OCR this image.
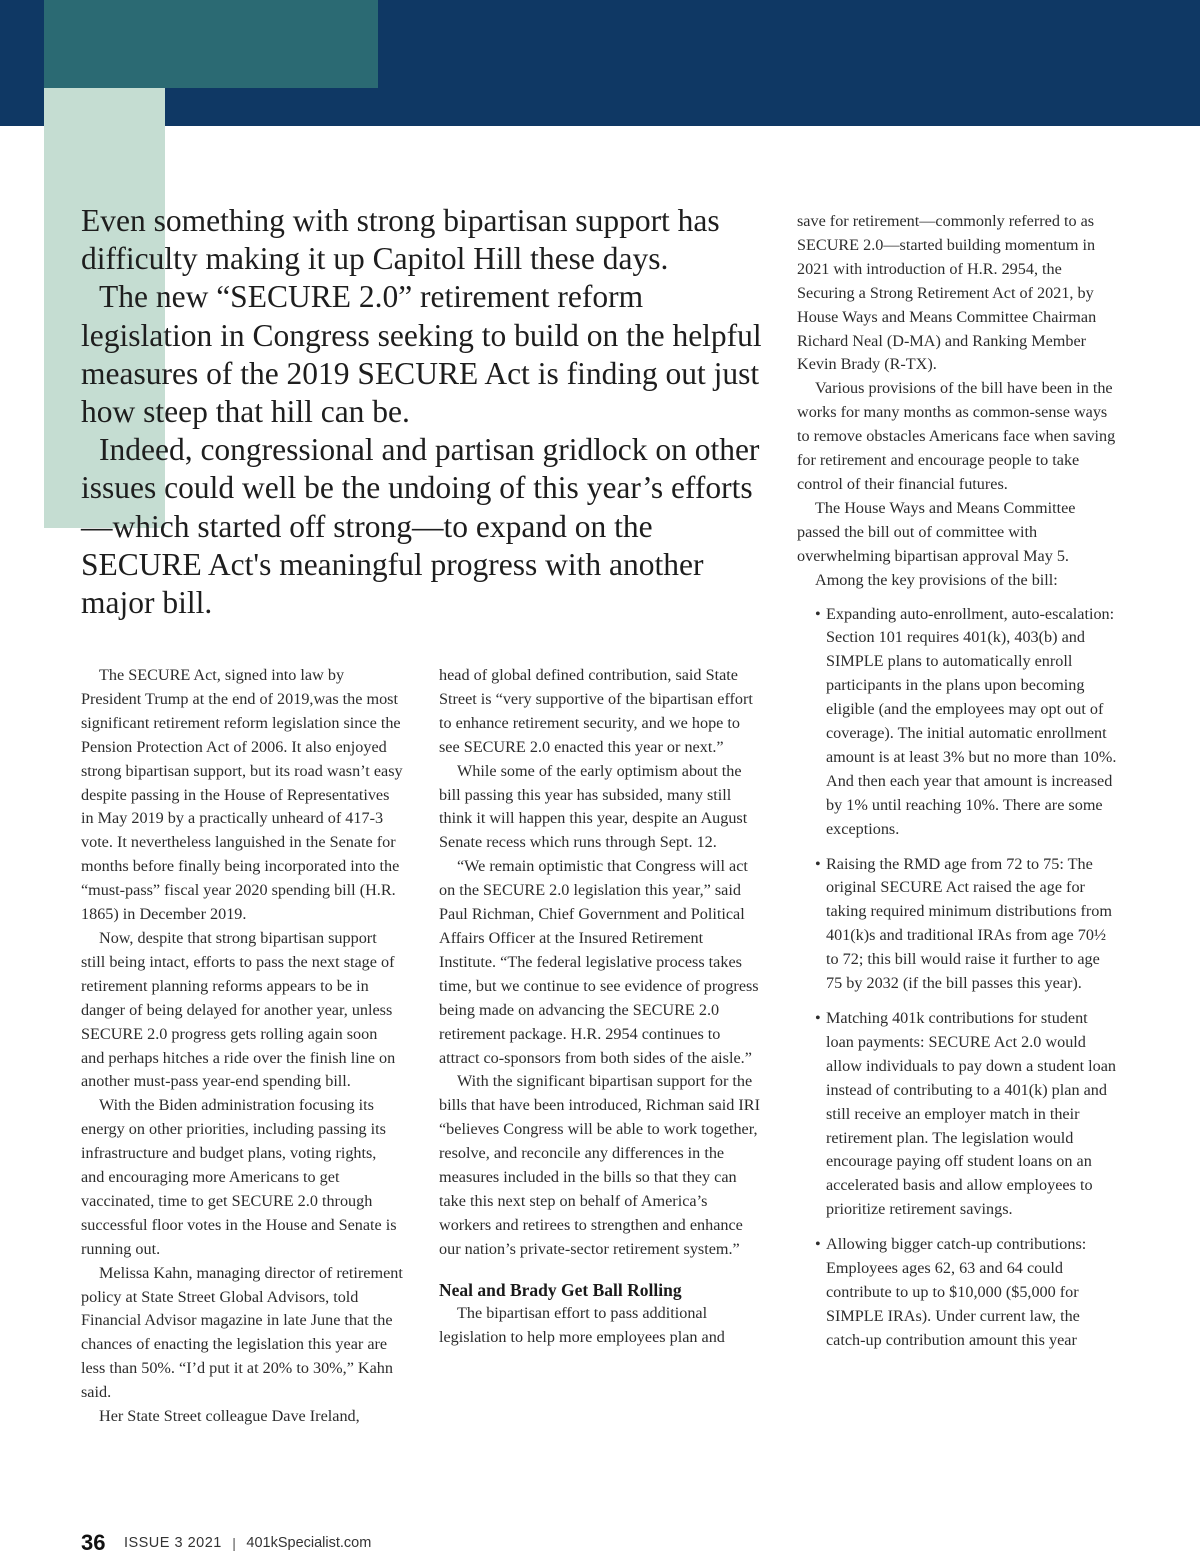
Even something with strong bipartisan support has difficulty making it up Capitol Hill these days.

The new “SECURE 2.0” retirement reform legislation in Congress seeking to build on the helpful measures of the 2019 SECURE Act is finding out just how steep that hill can be.

Indeed, congressional and partisan gridlock on other issues could well be the undoing of this year’s efforts—which started off strong—to expand on the SECURE Act's meaningful progress with another major bill.

The SECURE Act, signed into law by President Trump at the end of 2019,was the most significant retirement reform legislation since the Pension Protection Act of 2006. It also enjoyed strong bipartisan support, but its road wasn’t easy despite passing in the House of Representatives in May 2019 by a practically unheard of 417-3 vote. It nevertheless languished in the Senate for months before finally being incorporated into the “must-pass” fiscal year 2020 spending bill (H.R. 1865) in December 2019.

Now, despite that strong bipartisan support still being intact, efforts to pass the next stage of retirement planning reforms appears to be in danger of being delayed for another year, unless SECURE 2.0 progress gets rolling again soon and perhaps hitches a ride over the finish line on another must-pass year-end spending bill.

With the Biden administration focusing its energy on other priorities, including passing its infrastructure and budget plans, voting rights, and encouraging more Americans to get vaccinated, time to get SECURE 2.0 through successful floor votes in the House and Senate is running out.

Melissa Kahn, managing director of retirement policy at State Street Global Advisors, told Financial Advisor magazine in late June that the chances of enacting the legislation this year are less than 50%. “I’d put it at 20% to 30%,” Kahn said.

Her State Street colleague Dave Ireland,

head of global defined contribution, said State Street is “very supportive of the bipartisan effort to enhance retirement security, and we hope to see SECURE 2.0 enacted this year or next.”

While some of the early optimism about the bill passing this year has subsided, many still think it will happen this year, despite an August Senate recess which runs through Sept. 12.

“We remain optimistic that Congress will act on the SECURE 2.0 legislation this year,” said Paul Richman, Chief Government and Political Affairs Officer at the Insured Retirement Institute. “The federal legislative process takes time, but we continue to see evidence of progress being made on advancing the SECURE 2.0 retirement package. H.R. 2954 continues to attract co-sponsors from both sides of the aisle.”

With the significant bipartisan support for the bills that have been introduced, Richman said IRI “believes Congress will be able to work together, resolve, and reconcile any differences in the measures included in the bills so that they can take this next step on behalf of America’s workers and retirees to strengthen and enhance our nation’s private-sector retirement system.”

Neal and Brady Get Ball Rolling

The bipartisan effort to pass additional legislation to help more employees plan and

save for retirement—commonly referred to as SECURE 2.0—started building momentum in 2021 with introduction of H.R. 2954, the Securing a Strong Retirement Act of 2021, by House Ways and Means Committee Chairman Richard Neal (D-MA) and Ranking Member Kevin Brady (R-TX).

Various provisions of the bill have been in the works for many months as common-sense ways to remove obstacles Americans face when saving for retirement and encourage people to take control of their financial futures.

The House Ways and Means Committee passed the bill out of committee with overwhelming bipartisan approval May 5.

Among the key provisions of the bill:

• Expanding auto-enrollment, auto-escalation: Section 101 requires 401(k), 403(b) and SIMPLE plans to automatically enroll participants in the plans upon becoming eligible (and the employees may opt out of coverage). The initial automatic enrollment amount is at least 3% but no more than 10%. And then each year that amount is increased by 1% until reaching 10%. There are some exceptions.
• Raising the RMD age from 72 to 75: The original SECURE Act raised the age for taking required minimum distributions from 401(k)s and traditional IRAs from age 70½ to 72; this bill would raise it further to age 75 by 2032 (if the bill passes this year).
• Matching 401k contributions for student loan payments: SECURE Act 2.0 would allow individuals to pay down a student loan instead of contributing to a 401(k) plan and still receive an employer match in their retirement plan. The legislation would encourage paying off student loans on an accelerated basis and allow employees to prioritize retirement savings.
• Allowing bigger catch-up contributions: Employees ages 62, 63 and 64 could contribute to up to $10,000 ($5,000 for SIMPLE IRAs). Under current law, the catch-up contribution amount this year
36 ISSUE 3 2021 | 401kSpecialist.com
